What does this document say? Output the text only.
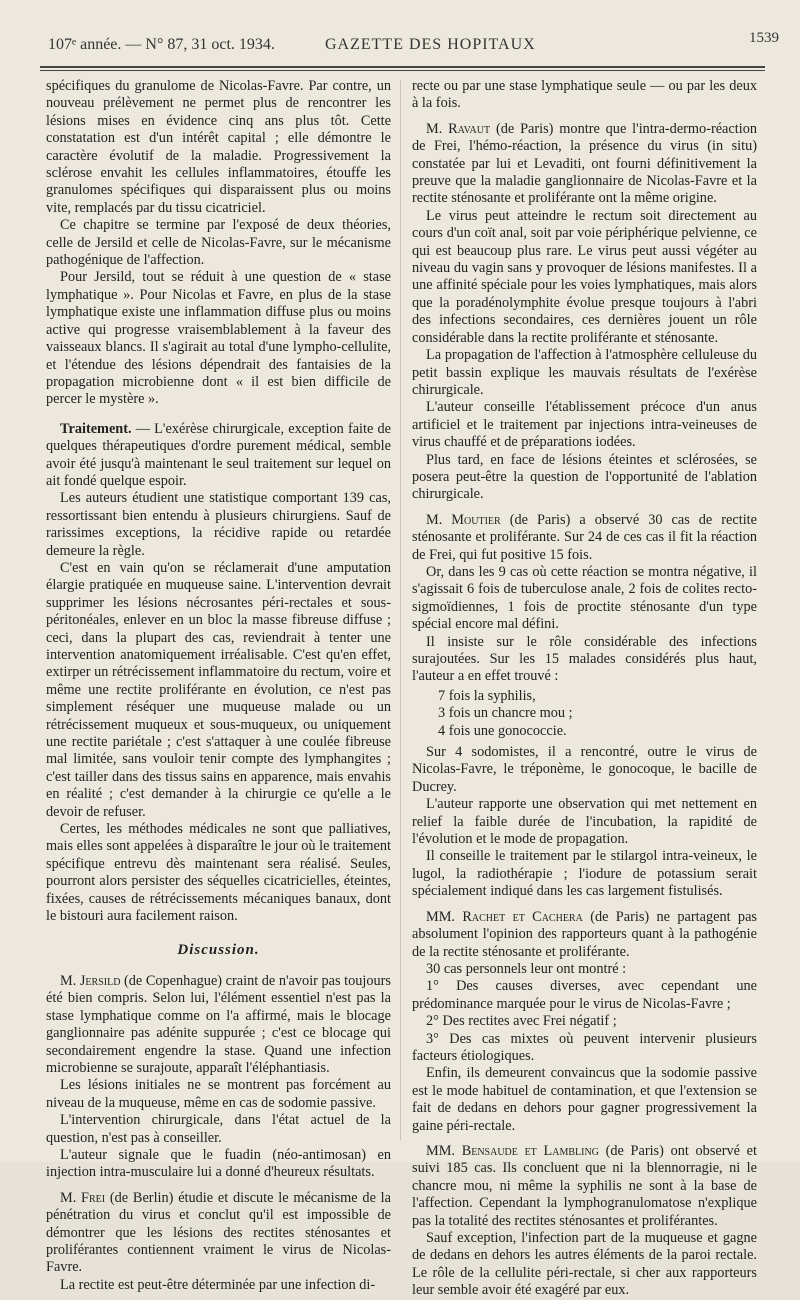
107ᵉ année. — N° 87, 31 oct. 1934.	GAZETTE DES HOPITAUX	1539

spécifiques du granulome de Nicolas-Favre. Par contre, un nouveau prélèvement ne permet plus de rencontrer les lésions mises en évidence cinq ans plus tôt. Cette constatation est d'un intérêt capital ; elle démontre le caractère évolutif de la maladie. Progressivement la sclérose envahit les cellules inflammatoires, étouffe les granulomes spécifiques qui disparaissent plus ou moins vite, remplacés par du tissu cicatriciel.

Ce chapitre se termine par l'exposé de deux théories, celle de Jersild et celle de Nicolas-Favre, sur le mécanisme pathogénique de l'affection.

Pour Jersild, tout se réduit à une question de « stase lymphatique ». Pour Nicolas et Favre, en plus de la stase lymphatique existe une inflammation diffuse plus ou moins active qui progresse vraisemblablement à la faveur des vaisseaux blancs. Il s'agirait au total d'une lympho-cellulite, et l'étendue des lésions dépendrait des fantaisies de la propagation microbienne dont « il est bien difficile de percer le mystère ».

Traitement. — L'exérèse chirurgicale, exception faite de quelques thérapeutiques d'ordre purement médical, semble avoir été jusqu'à maintenant le seul traitement sur lequel on ait fondé quelque espoir.

Les auteurs étudient une statistique comportant 139 cas, ressortissant bien entendu à plusieurs chirurgiens. Sauf de rarissimes exceptions, la récidive rapide ou retardée demeure la règle.

C'est en vain qu'on se réclamerait d'une amputation élargie pratiquée en muqueuse saine. L'intervention devrait supprimer les lésions nécrosantes péri-rectales et sous-péritonéales, enlever en un bloc la masse fibreuse diffuse ; ceci, dans la plupart des cas, reviendrait à tenter une intervention anatomiquement irréalisable. C'est qu'en effet, extirper un rétrécissement inflammatoire du rectum, voire et même une rectite proliférante en évolution, ce n'est pas simplement réséquer une muqueuse malade ou un rétrécissement muqueux et sous-muqueux, ou uniquement une rectite pariétale ; c'est s'attaquer à une coulée fibreuse mal limitée, sans vouloir tenir compte des lymphangites ; c'est tailler dans des tissus sains en apparence, mais envahis en réalité ; c'est demander à la chirurgie ce qu'elle a le devoir de refuser.

Certes, les méthodes médicales ne sont que palliatives, mais elles sont appelées à disparaître le jour où le traitement spécifique entrevu dès maintenant sera réalisé. Seules, pourront alors persister des séquelles cicatricielles, éteintes, fixées, causes de rétrécissements mécaniques banaux, dont le bistouri aura facilement raison.

Discussion.

M. Jersild (de Copenhague) craint de n'avoir pas toujours été bien compris. Selon lui, l'élément essentiel n'est pas la stase lymphatique comme on l'a affirmé, mais le blocage ganglionnaire pas adénite suppurée ; c'est ce blocage qui secondairement engendre la stase. Quand une infection microbienne se surajoute, apparaît l'éléphantiasis.

Les lésions initiales ne se montrent pas forcément au niveau de la muqueuse, même en cas de sodomie passive.

L'intervention chirurgicale, dans l'état actuel de la question, n'est pas à conseiller.

L'auteur signale que le fuadin (néo-antimosan) en injection intra-musculaire lui a donné d'heureux résultats.

M. Frei (de Berlin) étudie et discute le mécanisme de la pénétration du virus et conclut qu'il est impossible de démontrer que les lésions des rectites sténosantes et proliférantes contiennent vraiment le virus de Nicolas-Favre.

La rectite est peut-être déterminée par une infection di-

recte ou par une stase lymphatique seule — ou par les deux à la fois.

M. Ravaut (de Paris) montre que l'intra-dermo-réaction de Frei, l'hémo-réaction, la présence du virus (in situ) constatée par lui et Levaditi, ont fourni définitivement la preuve que la maladie ganglionnaire de Nicolas-Favre et la rectite sténosante et proliférante ont la même origine.

Le virus peut atteindre le rectum soit directement au cours d'un coït anal, soit par voie périphérique pelvienne, ce qui est beaucoup plus rare. Le virus peut aussi végéter au niveau du vagin sans y provoquer de lésions manifestes. Il a une affinité spéciale pour les voies lymphatiques, mais alors que la poradénolymphite évolue presque toujours à l'abri des infections secondaires, ces dernières jouent un rôle considérable dans la rectite proliférante et sténosante.

La propagation de l'affection à l'atmosphère celluleuse du petit bassin explique les mauvais résultats de l'exérèse chirurgicale.

L'auteur conseille l'établissement précoce d'un anus artificiel et le traitement par injections intra-veineuses de virus chauffé et de préparations iodées.

Plus tard, en face de lésions éteintes et sclérosées, se posera peut-être la question de l'opportunité de l'ablation chirurgicale.

M. Moutier (de Paris) a observé 30 cas de rectite sténosante et proliférante. Sur 24 de ces cas il fit la réaction de Frei, qui fut positive 15 fois.

Or, dans les 9 cas où cette réaction se montra négative, il s'agissait 6 fois de tuberculose anale, 2 fois de colites recto-sigmoïdiennes, 1 fois de proctite sténosante d'un type spécial encore mal défini.

Il insiste sur le rôle considérable des infections surajoutées. Sur les 15 malades considérés plus haut, l'auteur a en effet trouvé :

7 fois la syphilis,
3 fois un chancre mou ;
4 fois une gonococcie.

Sur 4 sodomistes, il a rencontré, outre le virus de Nicolas-Favre, le tréponème, le gonocoque, le bacille de Ducrey.

L'auteur rapporte une observation qui met nettement en relief la faible durée de l'incubation, la rapidité de l'évolution et le mode de propagation.

Il conseille le traitement par le stilargol intra-veineux, le lugol, la radiothérapie ; l'iodure de potassium serait spécialement indiqué dans les cas largement fistulisés.

MM. Rachet et Cachera (de Paris) ne partagent pas absolument l'opinion des rapporteurs quant à la pathogénie de la rectite sténosante et proliférante.

30 cas personnels leur ont montré :

1° Des causes diverses, avec cependant une prédominance marquée pour le virus de Nicolas-Favre ;

2° Des rectites avec Frei négatif ;

3° Des cas mixtes où peuvent intervenir plusieurs facteurs étiologiques.

Enfin, ils demeurent convaincus que la sodomie passive est le mode habituel de contamination, et que l'extension se fait de dedans en dehors pour gagner progressivement la gaine péri-rectale.

MM. Bensaude et Lambling (de Paris) ont observé et suivi 185 cas. Ils concluent que ni la blennorragie, ni le chancre mou, ni même la syphilis ne sont à la base de l'affection. Cependant la lymphogranulomatose n'explique pas la totalité des rectites sténosantes et proliférantes.

Sauf exception, l'infection part de la muqueuse et gagne de dedans en dehors les autres éléments de la paroi rectale. Le rôle de la cellulite péri-rectale, si cher aux rapporteurs leur semble avoir été exagéré par eux.
